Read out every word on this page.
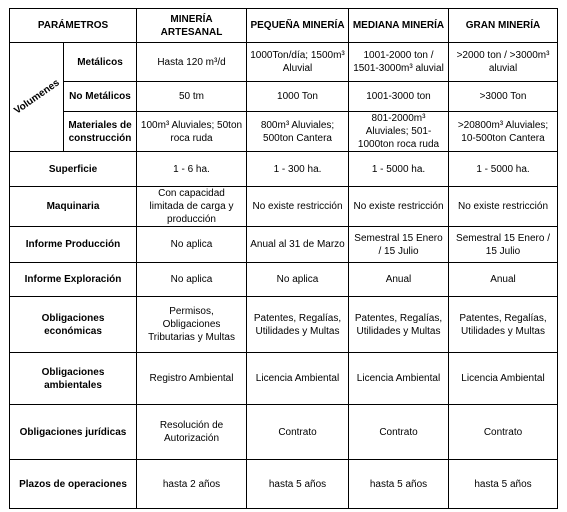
PARÁMETROS		MINERÍA ARTESANAL	PEQUEÑA MINERÍA	MEDIANA MINERÍA	GRAN MINERÍA

Volumenes	Metálicos	Hasta 120 m³/d	1000Ton/día; 1500m³ Aluvial	1001-2000 ton / 1501-3000m³ aluvial	>2000 ton / >3000m³ aluvial
	No Metálicos	50 tm	1000 Ton	1001-3000 ton	>3000 Ton
	Materiales de construcción	100m³ Aluviales; 50ton roca ruda	800m³ Aluviales; 500ton Cantera	801-2000m³ Aluviales; 501-1000ton roca ruda	>20800m³ Aluviales; 10-500ton Cantera
Superficie		1 - 6 ha.	1 - 300 ha.	1 - 5000 ha.	1 - 5000 ha.
Maquinaria		Con capacidad limitada de carga y producción	No existe restricción	No existe restricción	No existe restricción
Informe Producción		No aplica	Anual al 31 de Marzo	Semestral 15 Enero / 15 Julio	Semestral 15 Enero / 15 Julio
Informe Exploración		No aplica	No aplica	Anual	Anual
Obligaciones económicas		Permisos, Obligaciones Tributarias y Multas	Patentes, Regalías, Utilidades y Multas	Patentes, Regalías, Utilidades y Multas	Patentes, Regalías, Utilidades y Multas
Obligaciones ambientales		Registro Ambiental	Licencia Ambiental	Licencia Ambiental	Licencia Ambiental
Obligaciones jurídicas		Resolución de Autorización	Contrato	Contrato	Contrato
Plazos de operaciones		hasta 2 años	hasta 5 años	hasta 5 años	hasta 5 años
